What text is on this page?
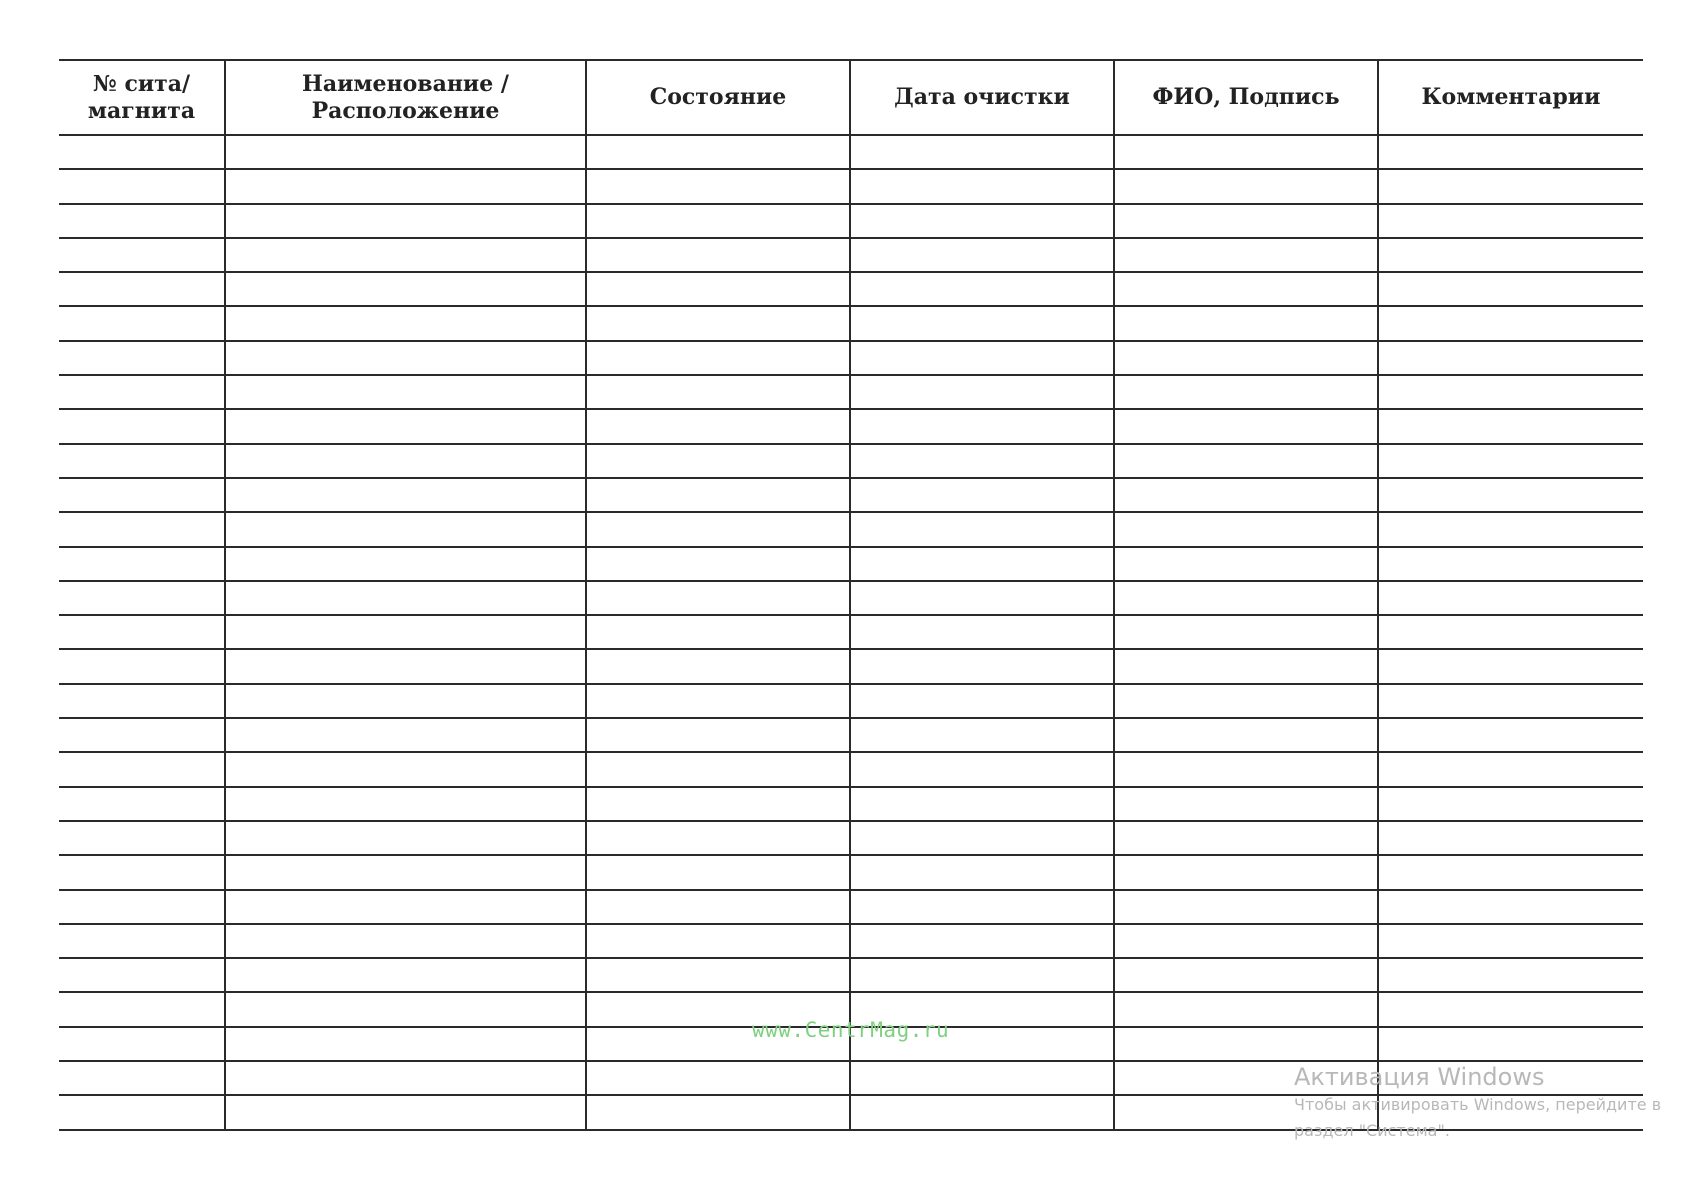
№ сита/ магнита	Наименование / Расположение	Состояние	Дата очистки	ФИО, Подпись	Комментарии

www.CentrMag.ru
Активация Windows
Чтобы активировать Windows, перейдите в
раздел "Система".
